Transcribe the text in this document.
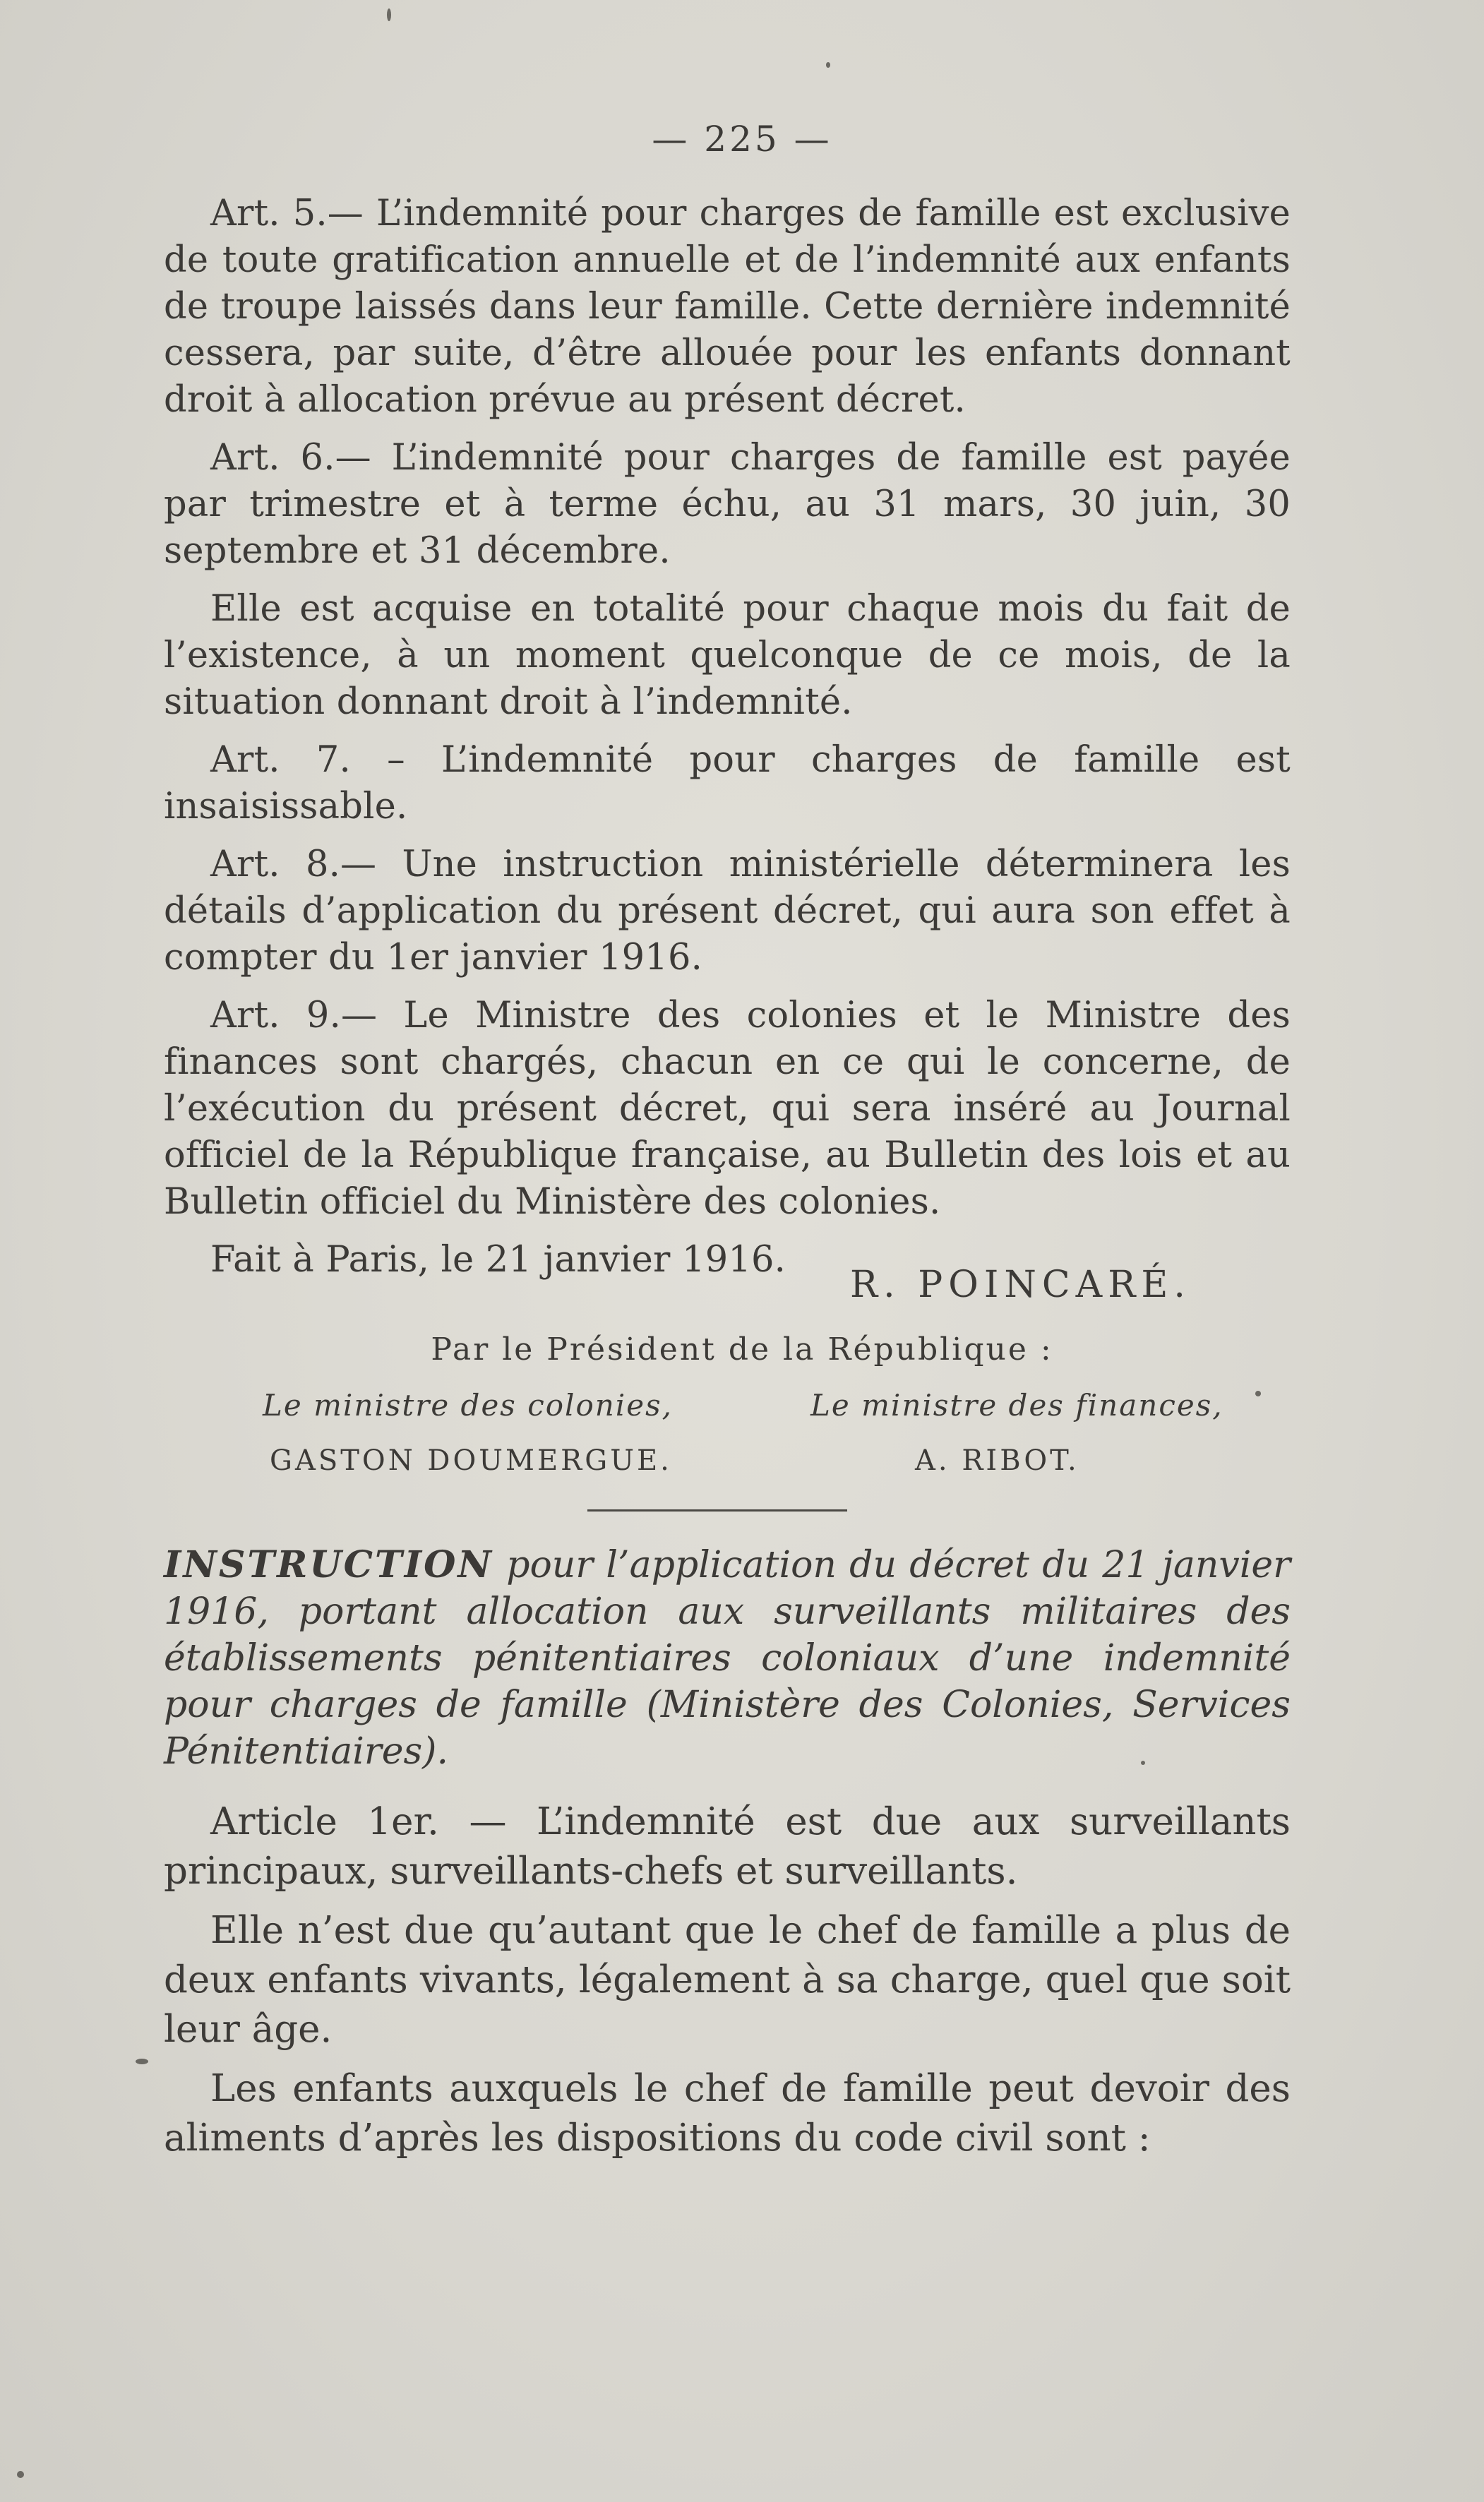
— 225 —

Art. 5.— L’indemnité pour charges de famille est exclusive de toute gratification annuelle et de l’indemnité aux enfants de troupe laissés dans leur famille. Cette dernière indemnité cessera, par suite, d’être allouée pour les enfants donnant droit à allocation prévue au présent décret.

Art. 6.— L’indemnité pour charges de famille est payée par trimestre et à terme échu, au 31 mars, 30 juin, 30 septembre et 31 décembre.

Elle est acquise en totalité pour chaque mois du fait de l’existence, à un moment quelconque de ce mois, de la situation donnant droit à l’indemnité.

Art. 7. – L’indemnité pour charges de famille est insaisissable.

Art. 8.— Une instruction ministérielle déterminera les détails d’application du présent décret, qui aura son effet à compter du 1er janvier 1916.

Art. 9.— Le Ministre des colonies et le Ministre des finances sont chargés, chacun en ce qui le concerne, de l’exécution du présent décret, qui sera inséré au Journal officiel de la République française, au Bulletin des lois et au Bulletin officiel du Ministère des colonies.

Fait à Paris, le 21 janvier 1916.

R. POINCARÉ.
Par le Président de la République :
Le ministre des colonies,	Le ministre des finances,
GASTON DOUMERGUE.	A. RIBOT.
INSTRUCTION pour l’application du décret du 21 janvier 1916, portant allocation aux surveillants militaires des établissements pénitentiaires coloniaux d’une indemnité pour charges de famille (Ministère des Colonies, Services Pénitentiaires).

Article 1er. — L’indemnité est due aux surveillants principaux, surveillants-chefs et surveillants.

Elle n’est due qu’autant que le chef de famille a plus de deux enfants vivants, légalement à sa charge, quel que soit leur âge.

Les enfants auxquels le chef de famille peut devoir des aliments d’après les dispositions du code civil sont :
